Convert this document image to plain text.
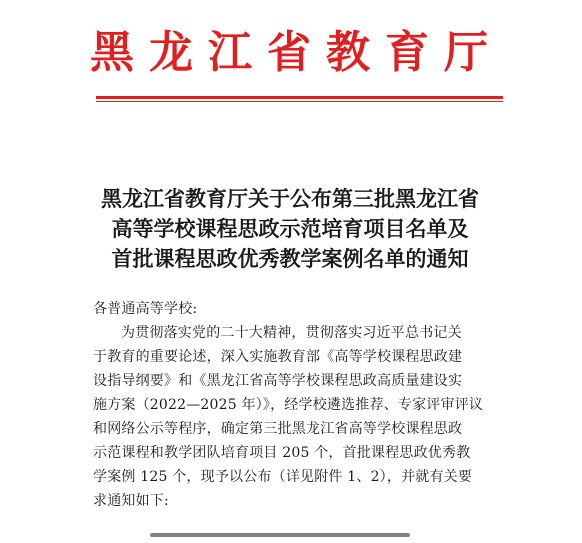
黑龙江省教育厅
黑龙江省教育厅关于公布第三批黑龙江省
高等学校课程思政示范培育项目名单及
首批课程思政优秀教学案例名单的通知
各普通高等学校:
为贯彻落实党的二十大精神，贯彻落实习近平总书记关
于教育的重要论述，深入实施教育部《高等学校课程思政建
设指导纲要》和《黑龙江省高等学校课程思政高质量建设实
施方案（2022—2025 年）》，经学校遴选推荐、专家评审评议
和网络公示等程序，确定第三批黑龙江省高等学校课程思政
示范课程和教学团队培育项目 205 个，首批课程思政优秀教
学案例 125 个，现予以公布（详见附件 1、2），并就有关要
求通知如下:
